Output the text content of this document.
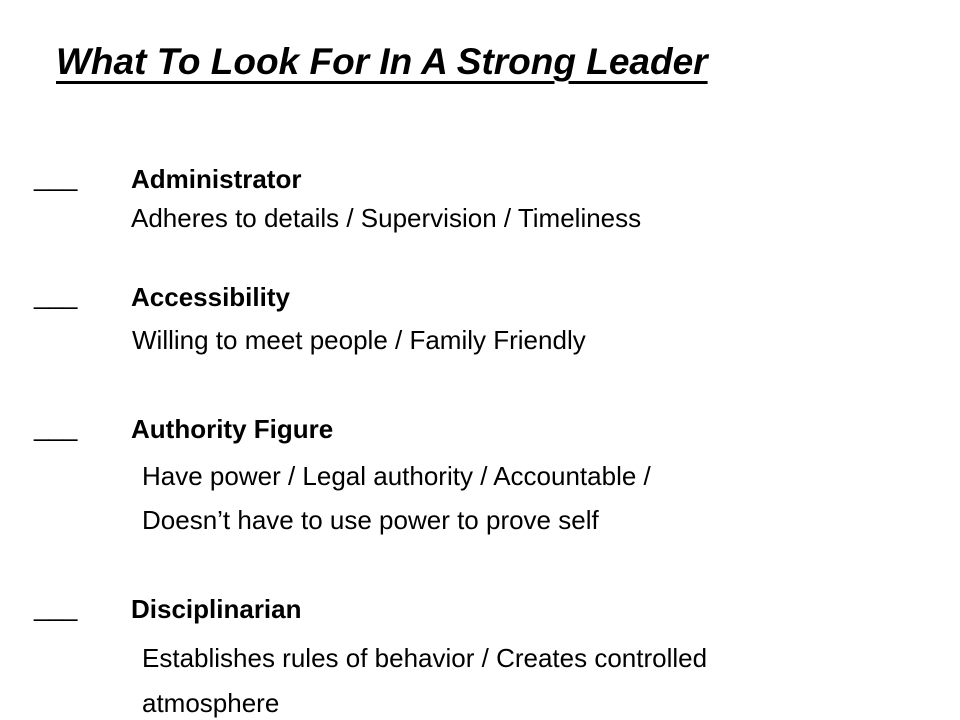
What To Look For In A Strong Leader
___ Administrator
Adheres to details / Supervision / Timeliness
___ Accessibility
Willing to meet people / Family Friendly
___ Authority Figure
Have power / Legal authority / Accountable /
Doesn’t have to use power to prove self
___ Disciplinarian
Establishes rules of behavior / Creates controlled
atmosphere
